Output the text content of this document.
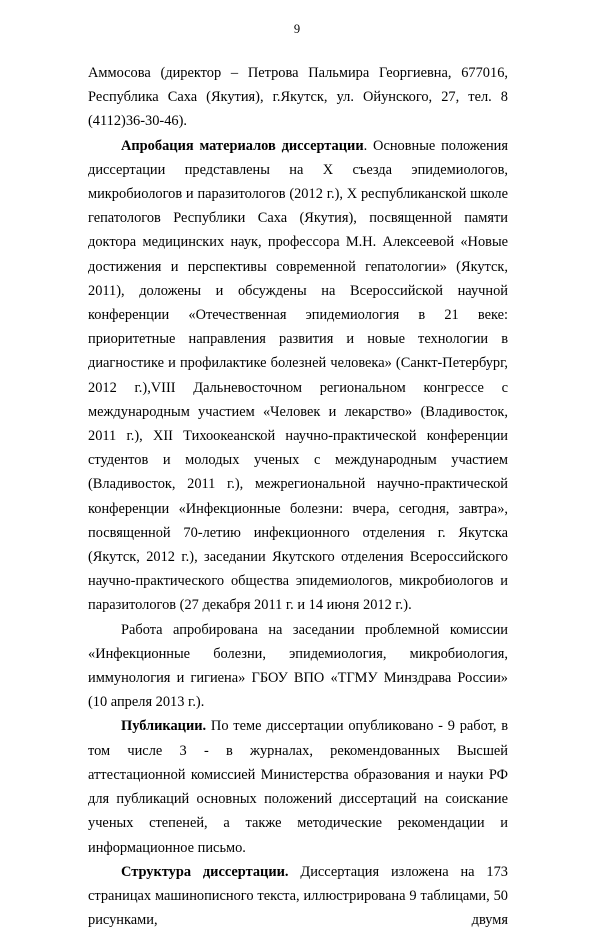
9

Аммосова (директор – Петрова Пальмира Георгиевна, 677016, Республика Саха (Якутия), г.Якутск, ул. Ойунского, 27, тел. 8 (4112)36-30-46).

Апробация материалов диссертации. Основные положения диссертации представлены на X съезда эпидемиологов, микробиологов и паразитологов (2012 г.), X республиканской школе гепатологов Республики Саха (Якутия), посвященной памяти доктора медицинских наук, профессора М.Н. Алексеевой «Новые достижения и перспективы современной гепатологии» (Якутск, 2011), доложены и обсуждены на Всероссийской научной конференции «Отечественная эпидемиология в 21 веке: приоритетные направления развития и новые технологии в диагностике и профилактике болезней человека» (Санкт-Петербург, 2012 г.),VIII Дальневосточном региональном конгрессе с международным участием «Человек и лекарство» (Владивосток, 2011 г.), XII Тихоокеанской научно-практической конференции студентов и молодых ученых с международным участием (Владивосток, 2011 г.), межрегиональной научно-практической конференции «Инфекционные болезни: вчера, сегодня, завтра», посвященной 70-летию инфекционного отделения г. Якутска (Якутск, 2012 г.), заседании Якутского отделения Всероссийского научно-практического общества эпидемиологов, микробиологов и паразитологов (27 декабря 2011 г. и 14 июня 2012 г.).

Работа апробирована на заседании проблемной комиссии «Инфекционные болезни, эпидемиология, микробиология, иммунология и гигиена» ГБОУ ВПО «ТГМУ Минздрава России» (10 апреля 2013 г.).

Публикации. По теме диссертации опубликовано - 9 работ, в том числе 3 - в журналах, рекомендованных Высшей аттестационной комиссией Министерства образования и науки РФ для публикаций основных положений диссертаций на соискание ученых степеней, а также методические рекомендации и информационное письмо.

Структура диссертации. Диссертация изложена на 173 страницах машинописного текста, иллюстрирована 9 таблицами, 50 рисунками, двумя
